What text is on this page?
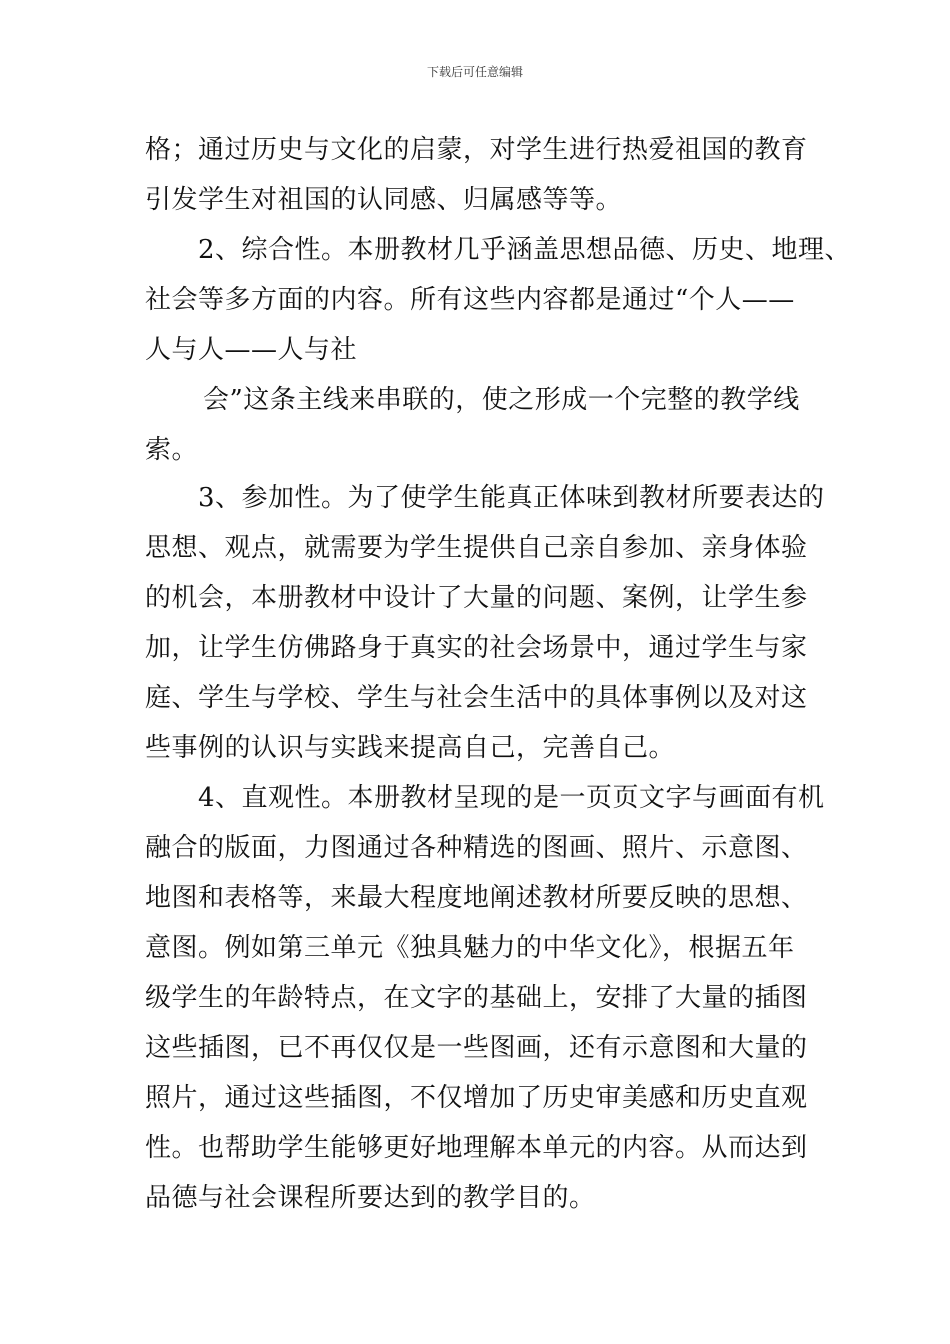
下载后可任意编辑
格；通过历史与文化的启蒙，对学生进行热爱祖国的教育
引发学生对祖国的认同感、归属感等等。
2、综合性。本册教材几乎涵盖思想品德、历史、地理、
社会等多方面的内容。所有这些内容都是通过“个人——
人与人——人与社
会”这条主线来串联的，使之形成一个完整的教学线
索。
3、参加性。为了使学生能真正体味到教材所要表达的
思想、观点，就需要为学生提供自己亲自参加、亲身体验
的机会，本册教材中设计了大量的问题、案例，让学生参
加，让学生仿佛路身于真实的社会场景中，通过学生与家
庭、学生与学校、学生与社会生活中的具体事例以及对这
些事例的认识与实践来提高自己，完善自己。
4、直观性。本册教材呈现的是一页页文字与画面有机
融合的版面，力图通过各种精选的图画、照片、示意图、
地图和表格等，来最大程度地阐述教材所要反映的思想、
意图。例如第三单元《独具魅力的中华文化》，根据五年
级学生的年龄特点，在文字的基础上，安排了大量的插图
这些插图，已不再仅仅是一些图画，还有示意图和大量的
照片，通过这些插图，不仅增加了历史审美感和历史直观
性。也帮助学生能够更好地理解本单元的内容。从而达到
品德与社会课程所要达到的教学目的。
